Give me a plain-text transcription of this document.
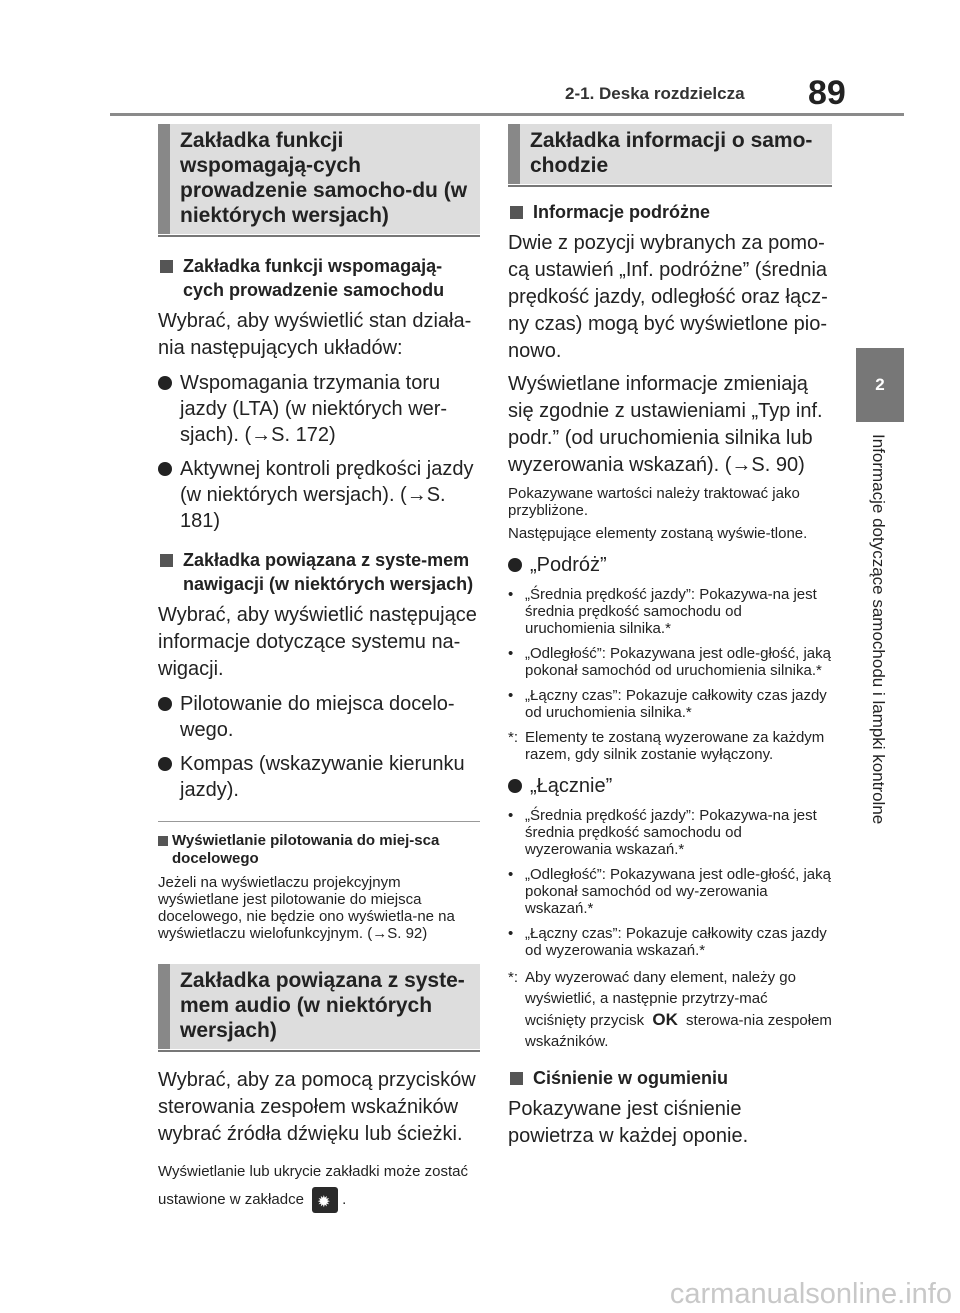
2-1. Deska rozdzielcza 89
2
Informacje dotyczące samochodu i lampki kontrolne
Zakładka funkcji wspomagają-cych prowadzenie samocho-du (w niektórych wersjach)
Zakładka funkcji wspomagają-cych prowadzenie samochodu
Wybrać, aby wyświetlić stan działa-nia następujących układów:
Wspomagania trzymania toru jazdy (LTA) (w niektórych wer-sjach). (→S. 172)
Aktywnej kontroli prędkości jazdy (w niektórych wersjach). (→S. 181)
Zakładka powiązana z syste-mem nawigacji (w niektórych wersjach)
Wybrać, aby wyświetlić następujące informacje dotyczące systemu na-wigacji.
Pilotowanie do miejsca docelo-wego.
Kompas (wskazywanie kierunku jazdy).
Wyświetlanie pilotowania do miej-sca docelowego
Jeżeli na wyświetlaczu projekcyjnym wyświetlane jest pilotowanie do miejsca docelowego, nie będzie ono wyświetla-ne na wyświetlaczu wielofunkcyjnym. (→S. 92)
Zakładka powiązana z syste-mem audio (w niektórych wersjach)
Wybrać, aby za pomocą przycisków sterowania zespołem wskaźników wybrać źródła dźwięku lub ścieżki.
Wyświetlanie lub ukrycie zakładki może zostać ustawione w zakładce ✹ .
Zakładka informacji o samo-chodzie
Informacje podróżne
Dwie z pozycji wybranych za pomo-cą ustawień „Inf. podróżne” (średnia prędkość jazdy, odległość oraz łącz-ny czas) mogą być wyświetlone pio-nowo.
Wyświetlane informacje zmieniają się zgodnie z ustawieniami „Typ inf. podr.” (od uruchomienia silnika lub wyzerowania wskazań). (→S. 90)
Pokazywane wartości należy traktować jako przybliżone.
Następujące elementy zostaną wyświe-tlone.
„Podróż”
• „Średnia prędkość jazdy”: Pokazywa-na jest średnia prędkość samochodu od uruchomienia silnika.*
• „Odległość”: Pokazywana jest odle-głość, jaką pokonał samochód od uruchomienia silnika.*
• „Łączny czas”: Pokazuje całkowity czas jazdy od uruchomienia silnika.*
*: Elementy te zostaną wyzerowane za każdym razem, gdy silnik zostanie wyłączony.
„Łącznie”
• „Średnia prędkość jazdy”: Pokazywa-na jest średnia prędkość samochodu od wyzerowania wskazań.*
• „Odległość”: Pokazywana jest odle-głość, jaką pokonał samochód od wy-zerowania wskazań.*
• „Łączny czas”: Pokazuje całkowity czas jazdy od wyzerowania wskazań.*
*: Aby wyzerować dany element, należy go wyświetlić, a następnie przytrzy-mać wciśnięty przycisk OK sterowa-nia zespołem wskaźników.
Ciśnienie w ogumieniu
Pokazywane jest ciśnienie powietrza w każdej oponie.
carmanualsonline.info
